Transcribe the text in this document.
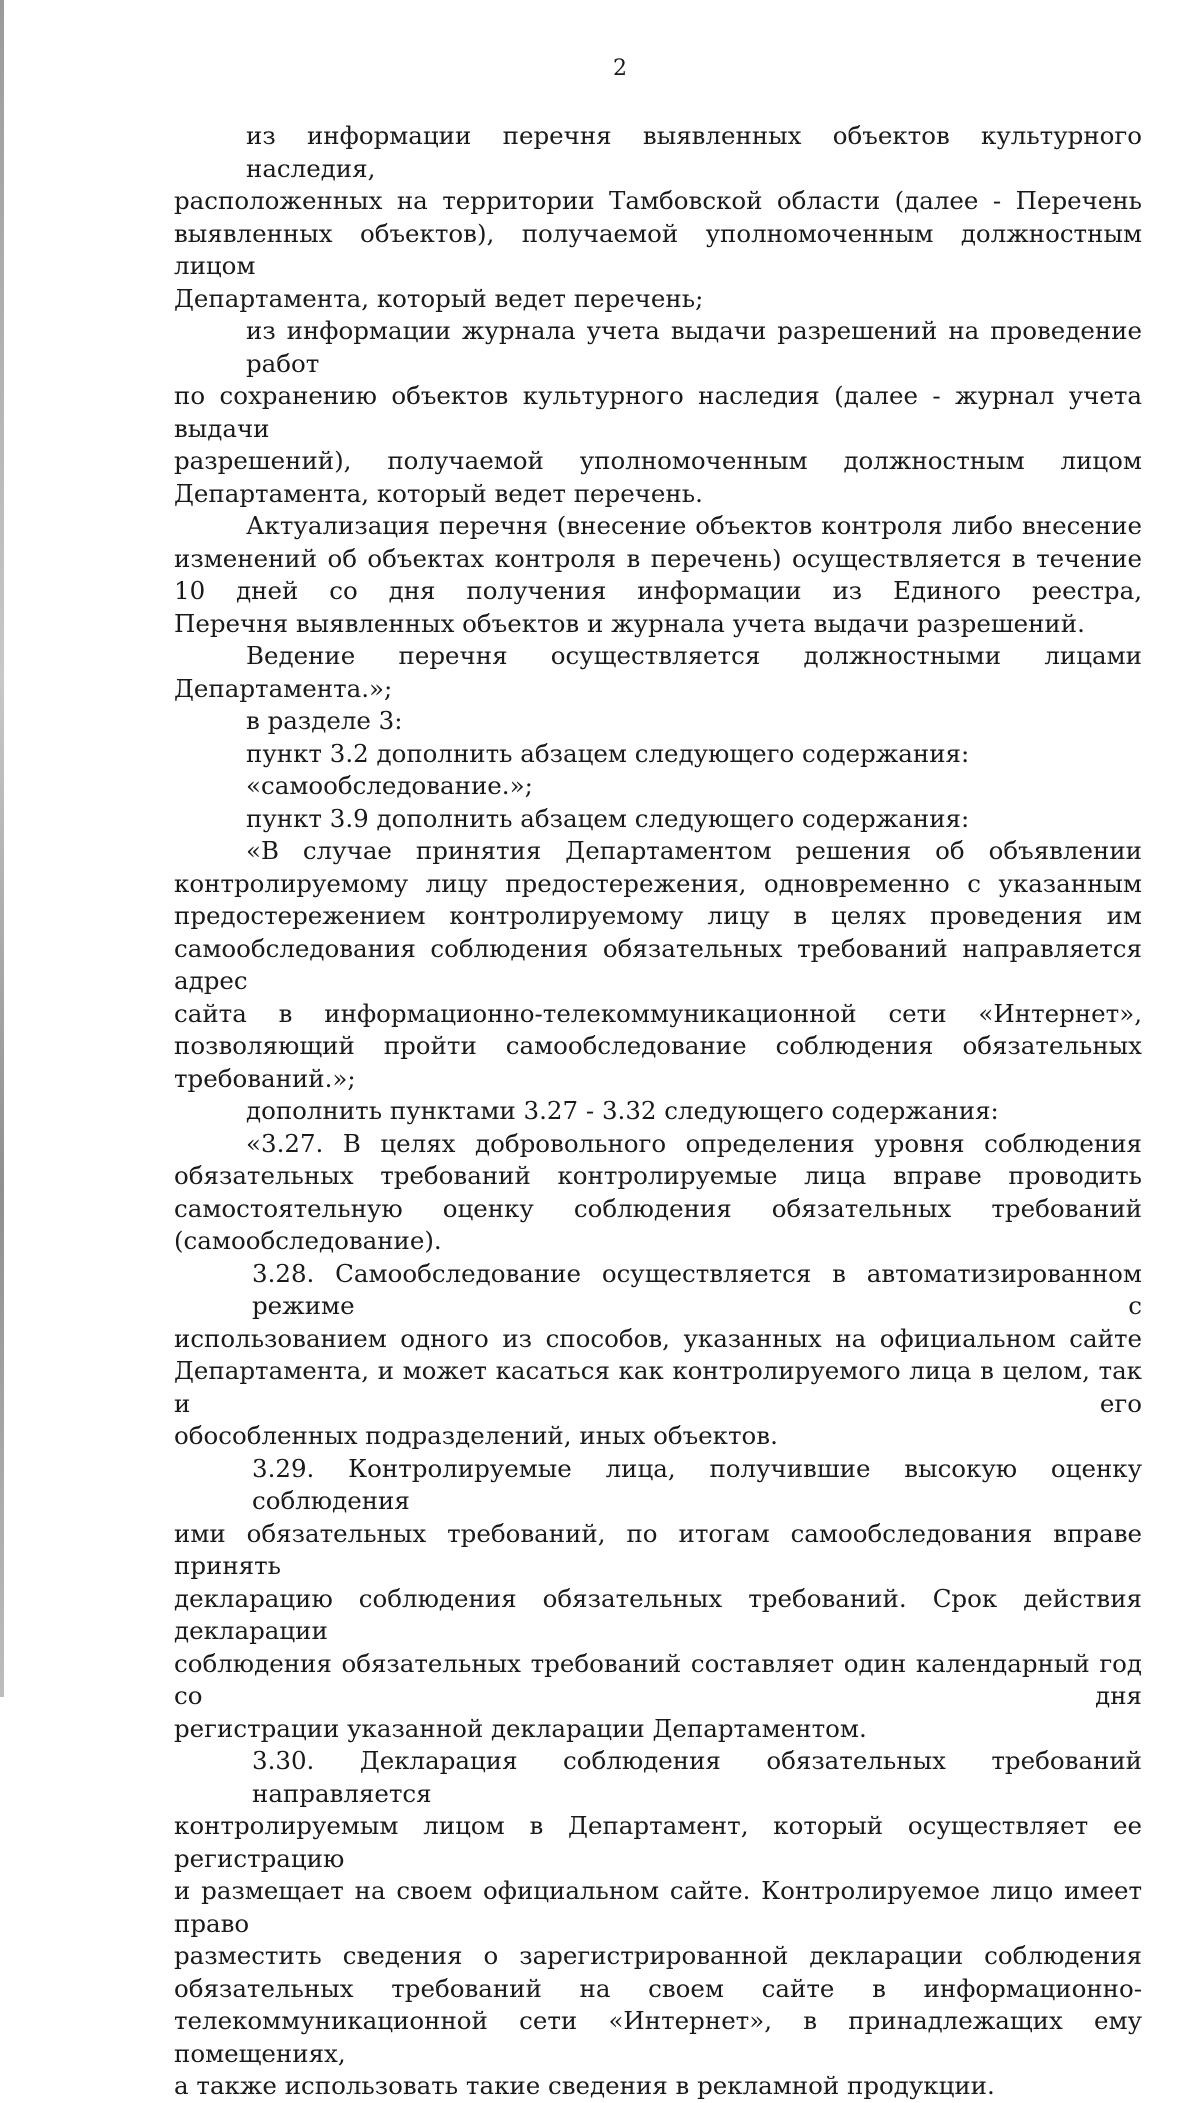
2

из информации перечня выявленных объектов культурного наследия,

расположенных на территории Тамбовской области (далее - Перечень

выявленных объектов), получаемой уполномоченным должностным лицом

Департамента, который ведет перечень;

из информации журнала учета выдачи разрешений на проведение работ

по сохранению объектов культурного наследия (далее - журнал учета выдачи

разрешений), получаемой уполномоченным должностным лицом

Департамента, который ведет перечень.

Актуализация перечня (внесение объектов контроля либо внесение

изменений об объектах контроля в перечень) осуществляется в течение

10 дней со дня получения информации из Единого реестра,

Перечня выявленных объектов и журнала учета выдачи разрешений.

Ведение перечня осуществляется должностными лицами

Департамента.»;

в разделе 3:

пункт 3.2 дополнить абзацем следующего содержания:

«самообследование.»;

пункт 3.9 дополнить абзацем следующего содержания:

«В случае принятия Департаментом решения об объявлении

контролируемому лицу предостережения, одновременно с указанным

предостережением контролируемому лицу в целях проведения им

самообследования соблюдения обязательных требований направляется адрес

сайта в информационно-телекоммуникационной сети «Интернет»,

позволяющий пройти самообследование соблюдения обязательных

требований.»;

дополнить пунктами 3.27 - 3.32 следующего содержания:

«3.27. В целях добровольного определения уровня соблюдения

обязательных требований контролируемые лица вправе проводить

самостоятельную оценку соблюдения обязательных требований

(самообследование).

3.28. Самообследование осуществляется в автоматизированном режиме с

использованием одного из способов, указанных на официальном сайте

Департамента, и может касаться как контролируемого лица в целом, так и его

обособленных подразделений, иных объектов.

3.29. Контролируемые лица, получившие высокую оценку соблюдения

ими обязательных требований, по итогам самообследования вправе принять

декларацию соблюдения обязательных требований. Срок действия декларации

соблюдения обязательных требований составляет один календарный год со дня

регистрации указанной декларации Департаментом.

3.30. Декларация соблюдения обязательных требований направляется

контролируемым лицом в Департамент, который осуществляет ее регистрацию

и размещает на своем официальном сайте. Контролируемое лицо имеет право

разместить сведения о зарегистрированной декларации соблюдения

обязательных требований на своем сайте в информационно-

телекоммуникационной сети «Интернет», в принадлежащих ему помещениях,

а также использовать такие сведения в рекламной продукции.
